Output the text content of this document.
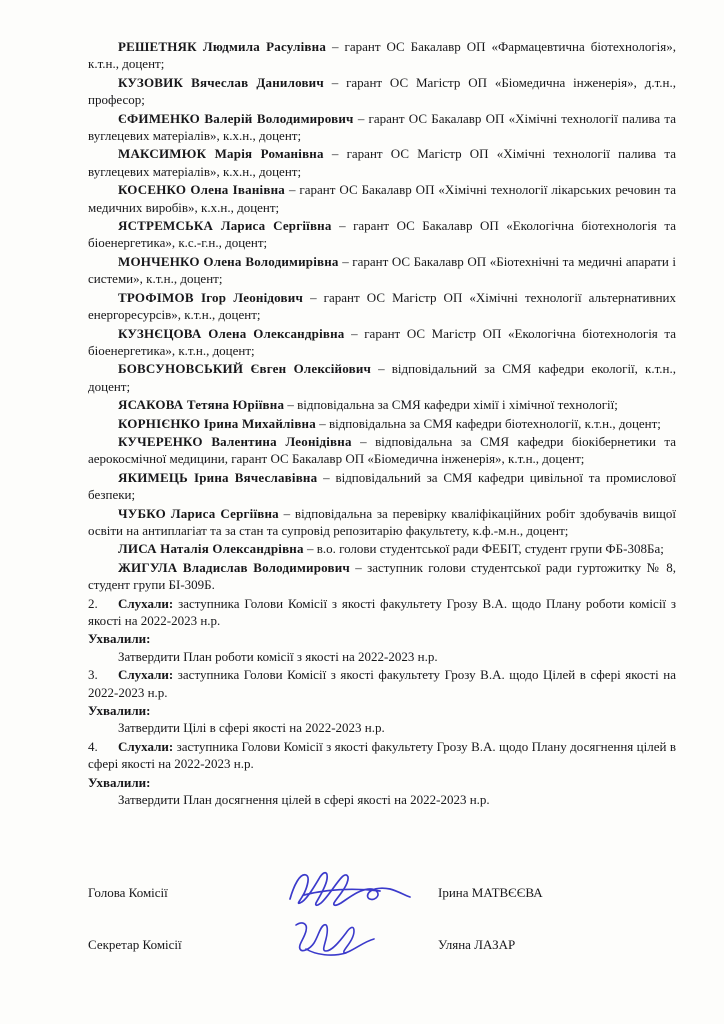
РЕШЕТНЯК Людмила Расулівна – гарант ОС Бакалавр ОП «Фармацевтична біотехнологія», к.т.н., доцент;

КУЗОВИК Вячеслав Данилович – гарант ОС Магістр ОП «Біомедична інженерія», д.т.н., професор;

ЄФИМЕНКО Валерій Володимирович – гарант ОС Бакалавр ОП «Хімічні технології палива та вуглецевих матеріалів», к.х.н., доцент;

МАКСИМЮК Марія Романівна – гарант ОС Магістр ОП «Хімічні технології палива та вуглецевих матеріалів», к.х.н., доцент;

КОСЕНКО Олена Іванівна – гарант ОС Бакалавр ОП «Хімічні технології лікарських речовин та медичних виробів», к.х.н., доцент;

ЯСТРЕМСЬКА Лариса Сергіївна – гарант ОС Бакалавр ОП «Екологічна біотехнологія та біоенергетика», к.с.-г.н., доцент;

МОНЧЕНКО Олена Володимирівна – гарант ОС Бакалавр ОП «Біотехнічні та медичні апарати і системи», к.т.н., доцент;

ТРОФІМОВ Ігор Леонідович – гарант ОС Магістр ОП «Хімічні технології альтернативних енергоресурсів», к.т.н., доцент;

КУЗНЄЦОВА Олена Олександрівна – гарант ОС Магістр ОП «Екологічна біотехнологія та біоенергетика», к.т.н., доцент;

БОВСУНОВСЬКИЙ Євген Олексійович – відповідальний за СМЯ кафедри екології, к.т.н., доцент;

ЯСАКОВА Тетяна Юріївна – відповідальна за СМЯ кафедри хімії і хімічної технології;

КОРНІЄНКО Ірина Михайлівна – відповідальна за СМЯ кафедри біотехнології, к.т.н., доцент;

КУЧЕРЕНКО Валентина Леонідівна – відповідальна за СМЯ кафедри біокібернетики та аерокосмічної медицини, гарант ОС Бакалавр ОП «Біомедична інженерія», к.т.н., доцент;

ЯКИМЕЦЬ Ірина Вячеславівна – відповідальний за СМЯ кафедри цивільної та промислової безпеки;

ЧУБКО Лариса Сергіївна – відповідальна за перевірку кваліфікаційних робіт здобувачів вищої освіти на антиплагіат та за стан та супровід репозитарію факультету, к.ф.-м.н., доцент;

ЛИСА Наталія Олександрівна – в.о. голови студентської ради ФЕБІТ, студент групи ФБ-308Ба;

ЖИГУЛА Владислав Володимирович – заступник голови студентської ради гуртожитку № 8, студент групи БІ-309Б.

2.	Слухали: заступника Голови Комісії з якості факультету Грозу В.А. щодо Плану роботи комісії з якості на 2022-2023 н.р.

Ухвалили:

Затвердити План роботи комісії з якості на 2022-2023 н.р.

3.	Слухали: заступника Голови Комісії з якості факультету Грозу В.А. щодо Цілей в сфері якості на 2022-2023 н.р.

Ухвалили:

Затвердити Цілі в сфері якості на 2022-2023 н.р.

4.	Слухали: заступника Голови Комісії з якості факультету Грозу В.А. щодо Плану досягнення цілей в сфері якості на 2022-2023 н.р.

Ухвалили:

Затвердити План досягнення цілей в сфері якості на 2022-2023 н.р.

Голова Комісії	Ірина МАТВЄЄВА
Секретар Комісії	Уляна ЛАЗАР
